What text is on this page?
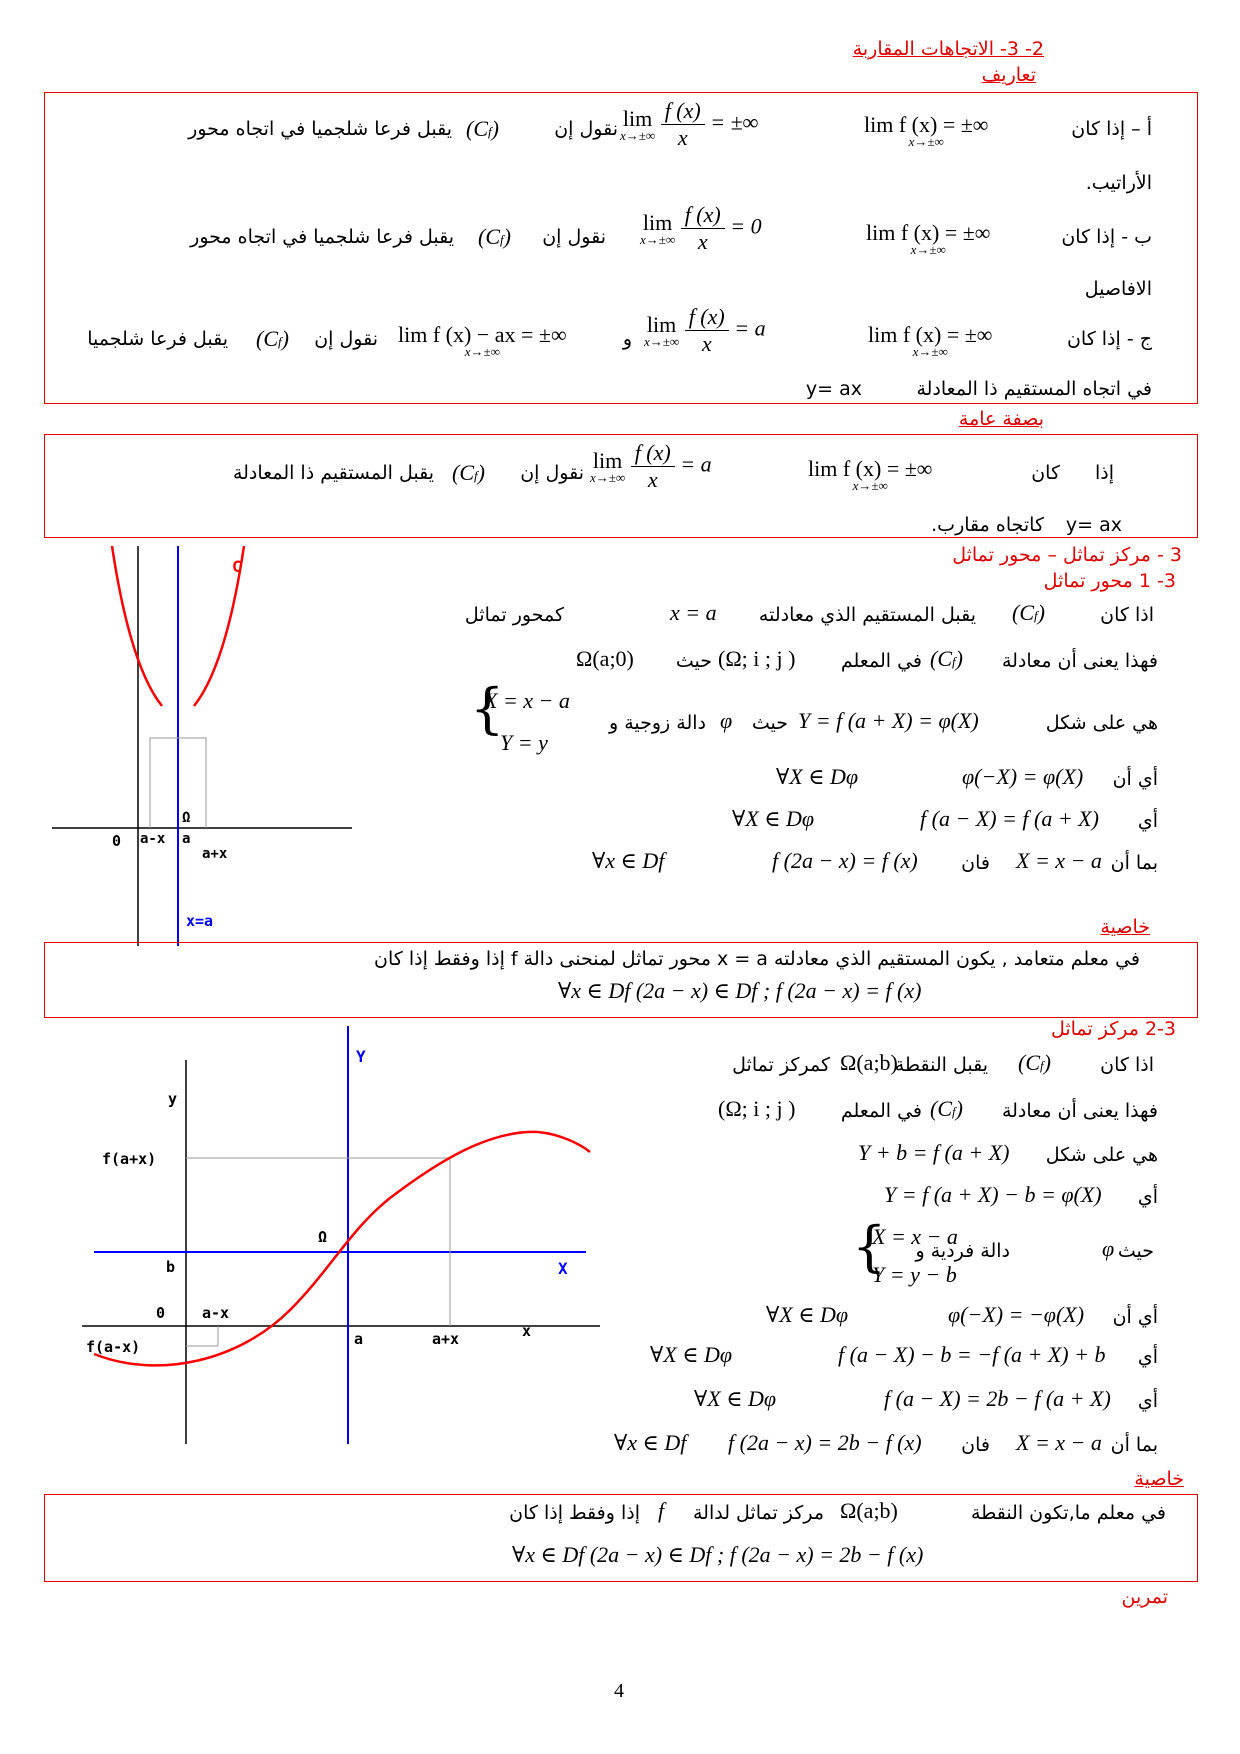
2- 3- الاتجاهات المقاربة
تعاريف
أ – إذا كان
lim f (x) = ±∞
x→±∞
lim
x→±∞
$\frac{f (x)}{x}$ = ±∞
نقول إن
(Cf)
يقبل فرعا شلجميا في اتجاه محور
الأراتيب.
ب - إذا كان
lim f (x) = ±∞
x→±∞
lim
x→±∞
$\frac{f (x)}{x} = 0$
نقول إن
(Cf)
يقبل فرعا شلجميا في اتجاه محور
الافاصيل
ج - إذا كان
lim f (x) = ±∞
x→±∞
lim
x→±∞
$\frac{f (x)}{x} = a$
و
lim f (x) − ax = ±∞
x→±∞
نقول إن
(Cf)
يقبل فرعا شلجميا
في اتجاه المستقيم ذا المعادلة
y= ax
بصفة عامة
إذا
كان
lim f (x) = ±∞
x→±∞
lim
x→±∞
$\frac{f (x)}{x} = a$
نقول إن
(Cf)
يقبل المستقيم ذا المعادلة
y= ax
كاتجاه مقارب.
3 - مركز تماثل – محور تماثل
3- 1 محور تماثل
C
0 a-x a
Ω
a+x
x=a
اذا كان
(Cf)
يقبل المستقيم الذي معادلته
x = a
كمحور تماثل
فهذا يعنى أن معادلة
(Cf)
في المعلم
(Ω; i ; j )
حيث
Ω(a;0)
هي على شكل
Y = f (a + X) = φ(X)
حيث
φ
دالة زوجية و
{
X = x − a
Y = y
أي أن
φ(−X) = φ(X)
∀X ∈ Dφ
أي
f (a − X) = f (a + X)
∀X ∈ Dφ
بما أن
X = x − a
فان
f (2a − x) = f (x)
∀x ∈ Df
خاصية
في معلم متعامد , يكون المستقيم الذي معادلته x = a محور تماثل لمنحنى دالة f إذا وفقط إذا كان
∀x ∈ Df (2a − x) ∈ Df ; f (2a − x) = f (x)
2-3 مركز تماثل
Y
y
f(a+x)
b	X
Ω
0 a-x
a	a+x	x
f(a-x)
اذا كان
(Cf)
يقبل النقطة
Ω(a;b)
كمركز تماثل
فهذا يعنى أن معادلة
(Cf)
في المعلم
(Ω; i ; j )
هي على شكل
Y + b = f (a + X)
أي
Y = f (a + X) − b = φ(X)
حيث
φ
دالة فردية و
{
X = x − a
Y = y − b
أي أن
φ(−X) = −φ(X)
∀X ∈ Dφ
أي
f (a − X) − b = −f (a + X) + b
∀X ∈ Dφ
أي
f (a − X) = 2b − f (a + X)
∀X ∈ Dφ
بما أن
X = x − a
فان
f (2a − x) = 2b − f (x)
∀x ∈ Df
خاصية
في معلم ما,تكون النقطة
Ω(a;b)
مركز تماثل لدالة
f
إذا وفقط إذا كان
∀x ∈ Df (2a − x) ∈ Df ; f (2a − x) = 2b − f (x)
تمرين
4
